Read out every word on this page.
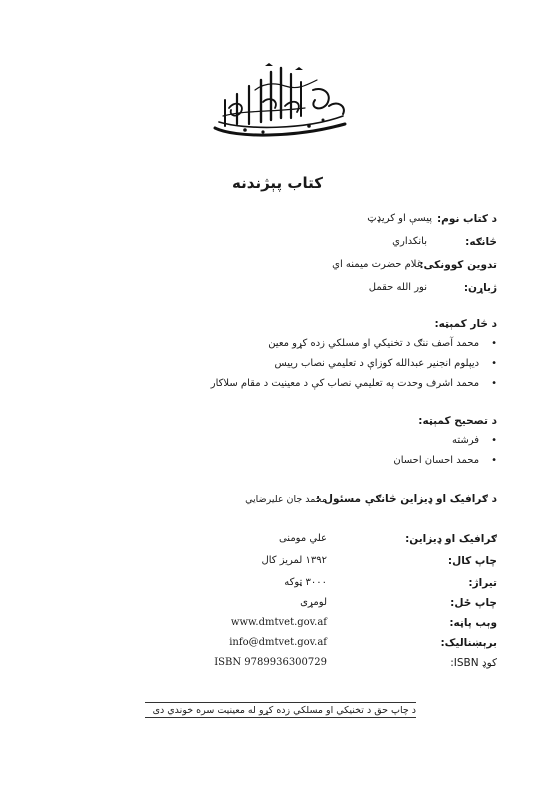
کتاب پېژندنه
د کتاب نوم:
پیسې او کریډټ
څانګه:
بانکداري
تدوین کوونکی:
غلام حضرت میمنه اي
ژباړن:
نور الله حقمل
د څار کمېټه:
• محمد آصف ننګ د تخنیکي او مسلکي زده کړو معین
• دیپلوم انجنیر عبدالله کوزاې د تعلیمي نصاب رییس
• محمد اشرف وحدت په تعلیمي نصاب کې د معینیت د مقام سلاکار
د تصحیح کمېټه:
• فرشته
• محمد احسان احسان
د ګرافیک او ډیزاین څانګې مسئول :
محمد جان علیرضایي
ګرافیک او ډیزاین:
علي مومنی
چاپ کال:
۱۳۹۲ لمریز کال
تیراژ:
۳۰۰۰ ټوکه
چاپ ځل:
لومړی
وېب پاڼه:
www.dmtvet.gov.af
برېښنالیک:
info@dmtvet.gov.af
کوډ ISBN:
ISBN 9789936300729
د چاپ حق د تخنیکي او مسلکي زده کړو له معینیت سره خوندي دی
